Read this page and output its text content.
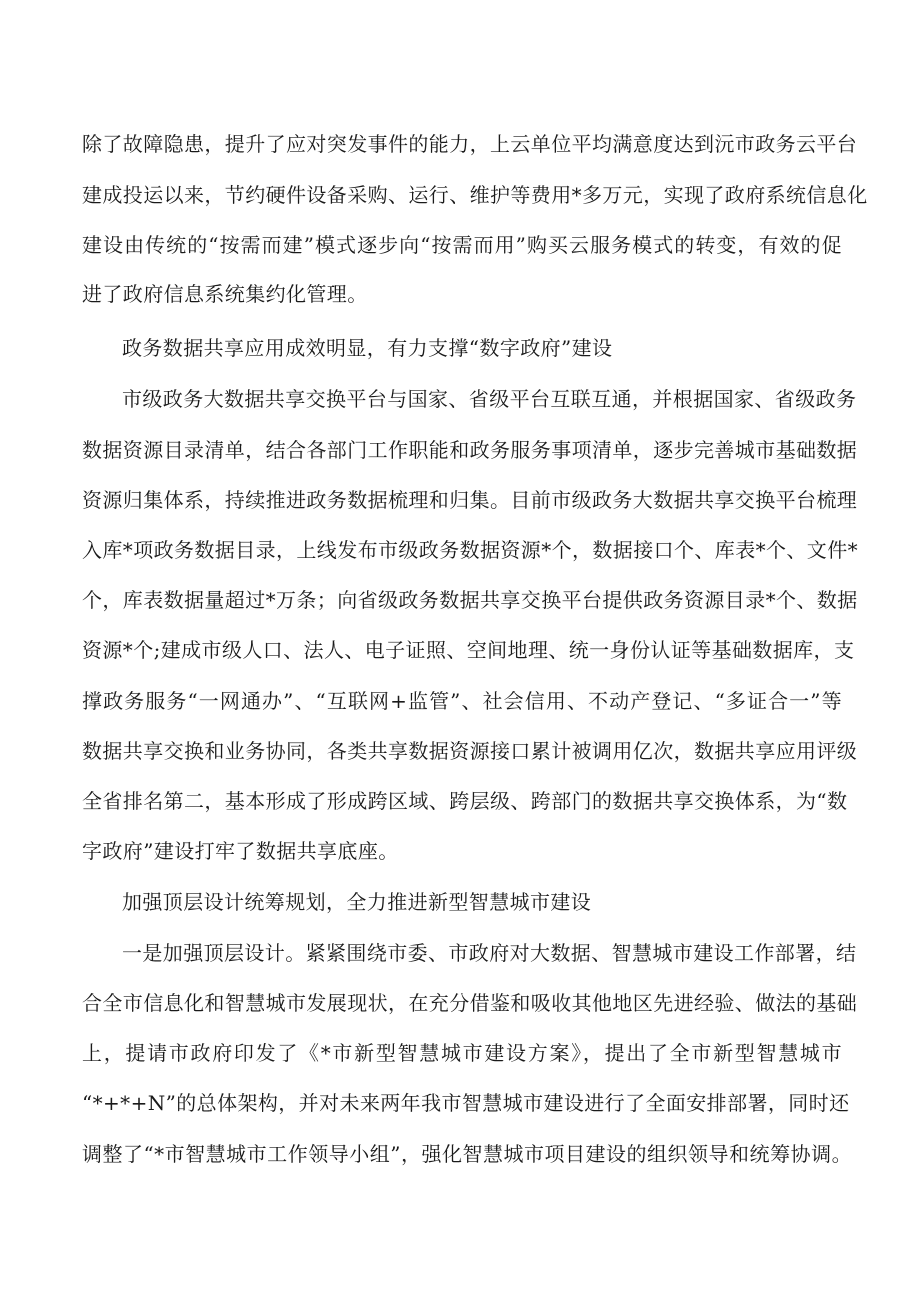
除了故障隐患，提升了应对突发事件的能力，上云单位平均满意度达到沅市政务云平台
建成投运以来，节约硬件设备采购、运行、维护等费用*多万元，实现了政府系统信息化
建设由传统的“按需而建”模式逐步向“按需而用”购买云服务模式的转变，有效的促
进了政府信息系统集约化管理。
政务数据共享应用成效明显，有力支撑“数字政府”建设
市级政务大数据共享交换平台与国家、省级平台互联互通，并根据国家、省级政务
数据资源目录清单，结合各部门工作职能和政务服务事项清单，逐步完善城市基础数据
资源归集体系，持续推进政务数据梳理和归集。目前市级政务大数据共享交换平台梳理
入库*项政务数据目录，上线发布市级政务数据资源*个，数据接口个、库表*个、文件*
个，库表数据量超过*万条；向省级政务数据共享交换平台提供政务资源目录*个、数据
资源*个;建成市级人口、法人、电子证照、空间地理、统一身份认证等基础数据库，支
撑政务服务“一网通办”、“互联网+监管”、社会信用、不动产登记、“多证合一”等
数据共享交换和业务协同，各类共享数据资源接口累计被调用亿次，数据共享应用评级
全省排名第二，基本形成了形成跨区域、跨层级、跨部门的数据共享交换体系，为“数
字政府”建设打牢了数据共享底座。
加强顶层设计统筹规划，全力推进新型智慧城市建设
一是加强顶层设计。紧紧围绕市委、市政府对大数据、智慧城市建设工作部署，结
合全市信息化和智慧城市发展现状，在充分借鉴和吸收其他地区先进经验、做法的基础
上，提请市政府印发了《*市新型智慧城市建设方案》，提出了全市新型智慧城市
“*+*+N”的总体架构，并对未来两年我市智慧城市建设进行了全面安排部署，同时还
调整了“*市智慧城市工作领导小组”，强化智慧城市项目建设的组织领导和统筹协调。
